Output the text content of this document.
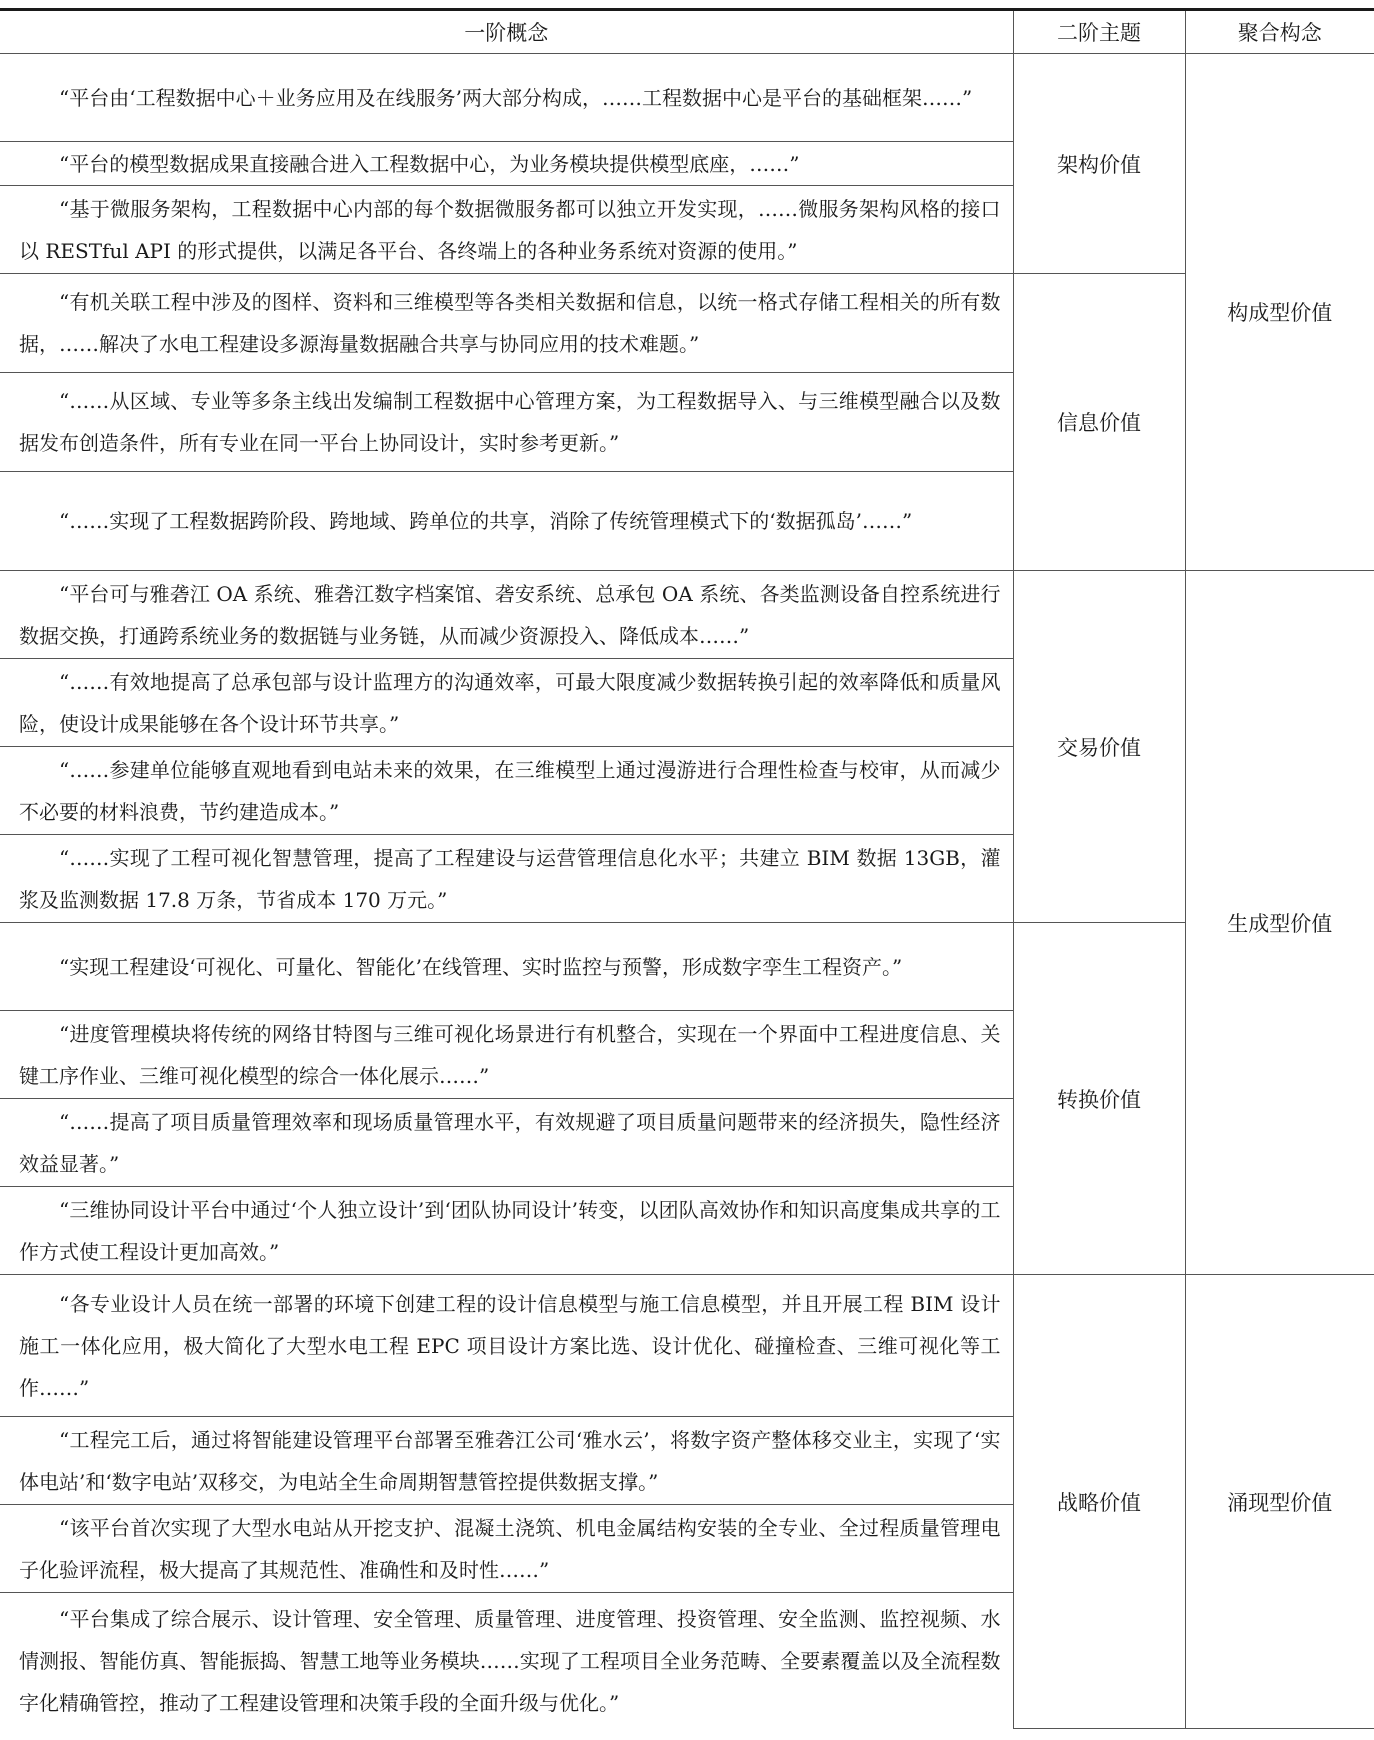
一阶概念	二阶主题	聚合构念
“平台由‘工程数据中心＋业务应用及在线服务’两大部分构成，……工程数据中心是平台的基础框架……”	架构价值	构成型价值
“平台的模型数据成果直接融合进入工程数据中心，为业务模块提供模型底座，……”		
“基于微服务架构，工程数据中心内部的每个数据微服务都可以独立开发实现，……微服务架构风格的接口以 RESTful API 的形式提供，以满足各平台、各终端上的各种业务系统对资源的使用。”		
“有机关联工程中涉及的图样、资料和三维模型等各类相关数据和信息，以统一格式存储工程相关的所有数据，……解决了水电工程建设多源海量数据融合共享与协同应用的技术难题。”	信息价值	
“……从区域、专业等多条主线出发编制工程数据中心管理方案，为工程数据导入、与三维模型融合以及数据发布创造条件，所有专业在同一平台上协同设计，实时参考更新。”		
“……实现了工程数据跨阶段、跨地域、跨单位的共享，消除了传统管理模式下的‘数据孤岛’……”		
“平台可与雅砻江 OA 系统、雅砻江数字档案馆、砻安系统、总承包 OA 系统、各类监测设备自控系统进行数据交换，打通跨系统业务的数据链与业务链，从而减少资源投入、降低成本……”	交易价值	生成型价值
“……有效地提高了总承包部与设计监理方的沟通效率，可最大限度减少数据转换引起的效率降低和质量风险，使设计成果能够在各个设计环节共享。”		
“……参建单位能够直观地看到电站未来的效果，在三维模型上通过漫游进行合理性检查与校审，从而减少不必要的材料浪费，节约建造成本。”		
“……实现了工程可视化智慧管理，提高了工程建设与运营管理信息化水平；共建立 BIM 数据 13GB，灌浆及监测数据 17.8 万条，节省成本 170 万元。”		
“实现工程建设‘可视化、可量化、智能化’在线管理、实时监控与预警，形成数字孪生工程资产。”	转换价值	
“进度管理模块将传统的网络甘特图与三维可视化场景进行有机整合，实现在一个界面中工程进度信息、关键工序作业、三维可视化模型的综合一体化展示……”		
“……提高了项目质量管理效率和现场质量管理水平，有效规避了项目质量问题带来的经济损失，隐性经济效益显著。”		
“三维协同设计平台中通过‘个人独立设计’到‘团队协同设计’转变，以团队高效协作和知识高度集成共享的工作方式使工程设计更加高效。”		
“各专业设计人员在统一部署的环境下创建工程的设计信息模型与施工信息模型，并且开展工程 BIM 设计施工一体化应用，极大简化了大型水电工程 EPC 项目设计方案比选、设计优化、碰撞检查、三维可视化等工作……”	战略价值	涌现型价值
“工程完工后，通过将智能建设管理平台部署至雅砻江公司‘雅水云’，将数字资产整体移交业主，实现了‘实体电站’和‘数字电站’双移交，为电站全生命周期智慧管控提供数据支撑。”		
“该平台首次实现了大型水电站从开挖支护、混凝土浇筑、机电金属结构安装的全专业、全过程质量管理电子化验评流程，极大提高了其规范性、准确性和及时性……”		
“平台集成了综合展示、设计管理、安全管理、质量管理、进度管理、投资管理、安全监测、监控视频、水情测报、智能仿真、智能振捣、智慧工地等业务模块……实现了工程项目全业务范畴、全要素覆盖以及全流程数字化精确管控，推动了工程建设管理和决策手段的全面升级与优化。”		
